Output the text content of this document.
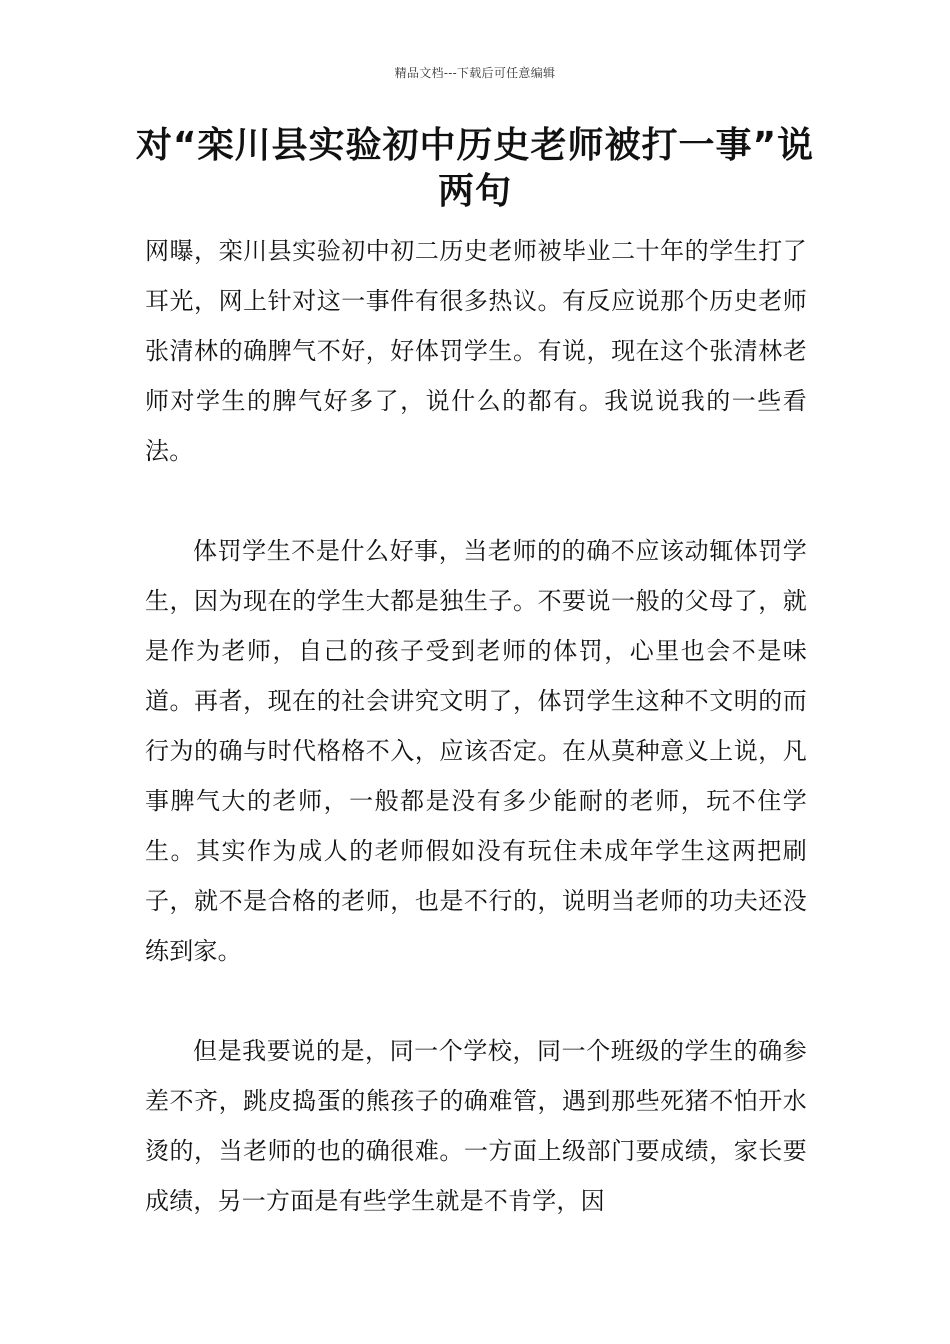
精品文档---下载后可任意编辑
对“栾川县实验初中历史老师被打一事”说两句

网曝，栾川县实验初中初二历史老师被毕业二十年的学生打了耳光，网上针对这一事件有很多热议。有反应说那个历史老师张清林的确脾气不好，好体罚学生。有说，现在这个张清林老师对学生的脾气好多了，说什么的都有。我说说我的一些看法。

体罚学生不是什么好事，当老师的的确不应该动辄体罚学生，因为现在的学生大都是独生子。不要说一般的父母了，就是作为老师，自己的孩子受到老师的体罚，心里也会不是味道。再者，现在的社会讲究文明了，体罚学生这种不文明的而行为的确与时代格格不入，应该否定。在从莫种意义上说，凡事脾气大的老师，一般都是没有多少能耐的老师，玩不住学生。其实作为成人的老师假如没有玩住未成年学生这两把刷子，就不是合格的老师，也是不行的，说明当老师的功夫还没练到家。

但是我要说的是，同一个学校，同一个班级的学生的确参差不齐，跳皮捣蛋的熊孩子的确难管，遇到那些死猪不怕开水烫的，当老师的也的确很难。一方面上级部门要成绩，家长要成绩，另一方面是有些学生就是不肯学，因
